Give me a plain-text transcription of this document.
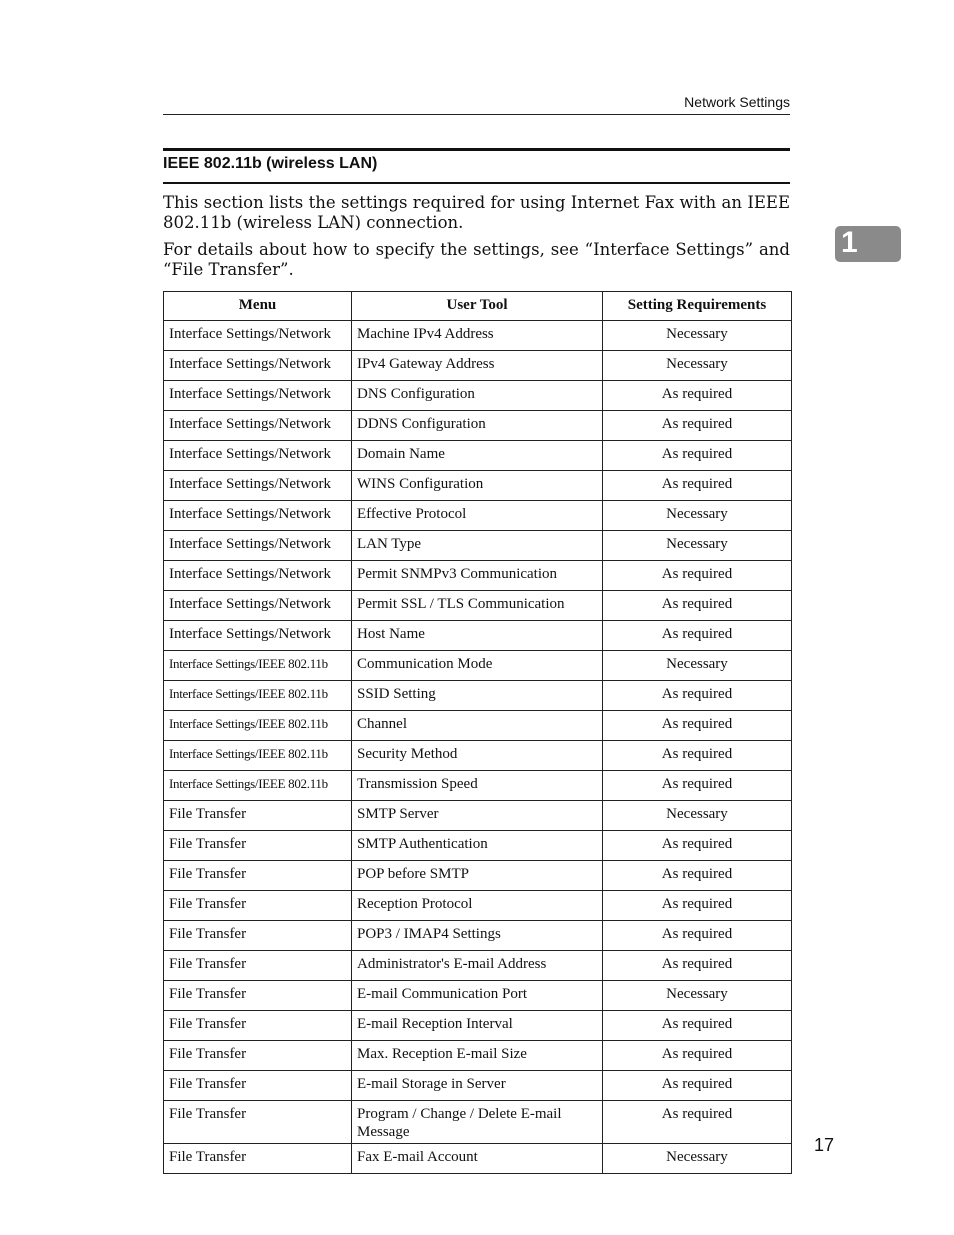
Network Settings
IEEE 802.11b (wireless LAN)

This section lists the settings required for using Internet Fax with an IEEE 802.11b (wireless LAN) connection.

For details about how to specify the settings, see “Interface Settings” and “File Transfer”.

1
Menu	User Tool	Setting Requirements
Interface Settings/Network	Machine IPv4 Address	Necessary
Interface Settings/Network	IPv4 Gateway Address	Necessary
Interface Settings/Network	DNS Configuration	As required
Interface Settings/Network	DDNS Configuration	As required
Interface Settings/Network	Domain Name	As required
Interface Settings/Network	WINS Configuration	As required
Interface Settings/Network	Effective Protocol	Necessary
Interface Settings/Network	LAN Type	Necessary
Interface Settings/Network	Permit SNMPv3 Communication	As required
Interface Settings/Network	Permit SSL / TLS Communication	As required
Interface Settings/Network	Host Name	As required
Interface Settings/IEEE 802.11b	Communication Mode	Necessary
Interface Settings/IEEE 802.11b	SSID Setting	As required
Interface Settings/IEEE 802.11b	Channel	As required
Interface Settings/IEEE 802.11b	Security Method	As required
Interface Settings/IEEE 802.11b	Transmission Speed	As required
File Transfer	SMTP Server	Necessary
File Transfer	SMTP Authentication	As required
File Transfer	POP before SMTP	As required
File Transfer	Reception Protocol	As required
File Transfer	POP3 / IMAP4 Settings	As required
File Transfer	Administrator's E-mail Address	As required
File Transfer	E-mail Communication Port	Necessary
File Transfer	E-mail Reception Interval	As required
File Transfer	Max. Reception E-mail Size	As required
File Transfer	E-mail Storage in Server	As required
File Transfer	Program / Change / Delete E-mail Message	As required
File Transfer	Fax E-mail Account	Necessary
17
